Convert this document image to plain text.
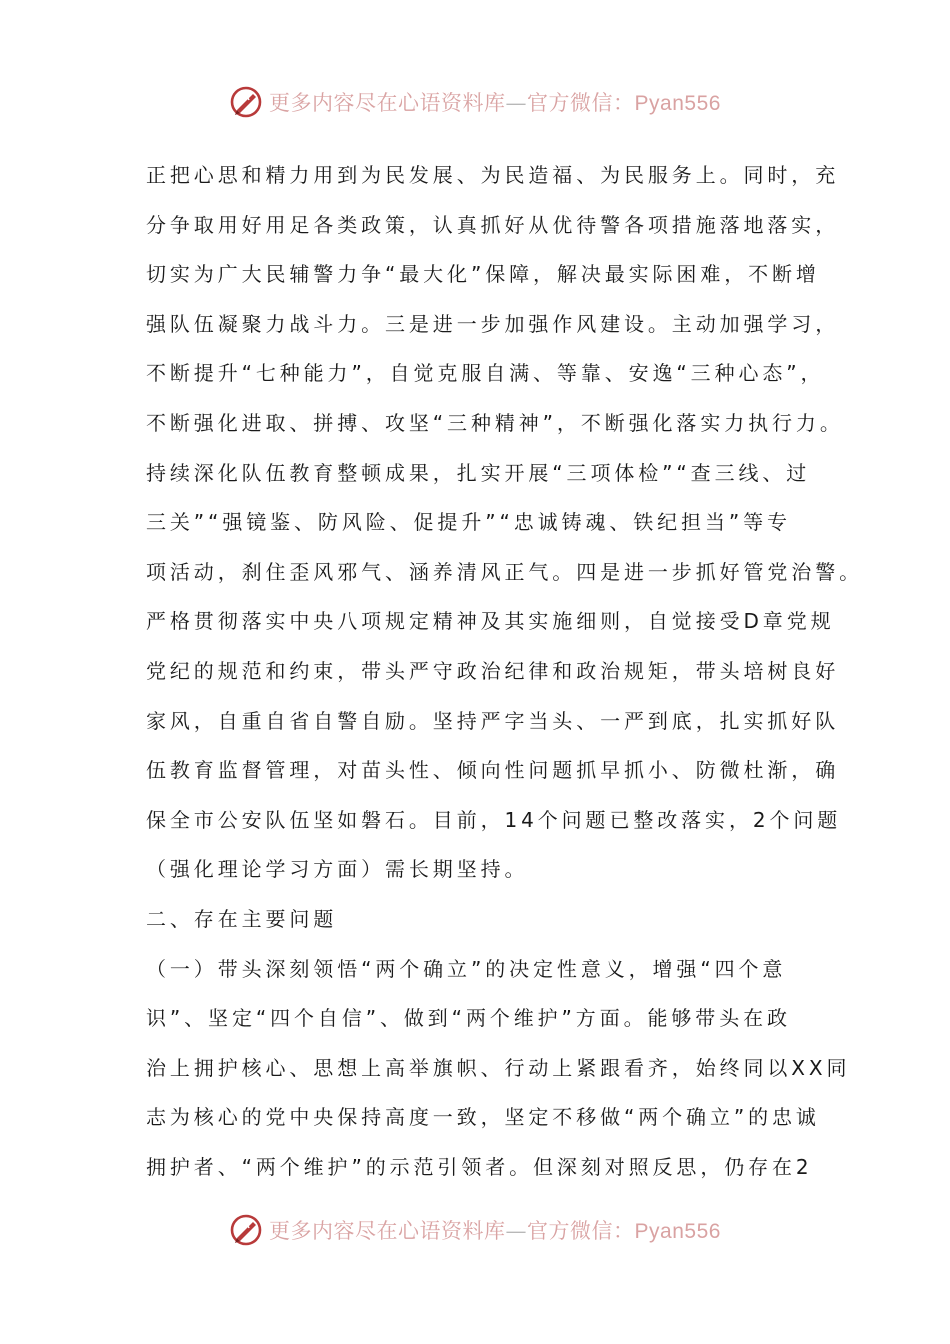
更多内容尽在心语资料库—官方微信：Pyan556
正把心思和精力用到为民发展、为民造福、为民服务上。同时，充
分争取用好用足各类政策，认真抓好从优待警各项措施落地落实，
切实为广大民辅警力争“最大化”保障，解决最实际困难，不断增
强队伍凝聚力战斗力。三是进一步加强作风建设。主动加强学习，
不断提升“七种能力”，自觉克服自满、等靠、安逸“三种心态”，
不断强化进取、拼搏、攻坚“三种精神”，不断强化落实力执行力。
持续深化队伍教育整顿成果，扎实开展“三项体检”“查三线、过
三关”“强镜鉴、防风险、促提升”“忠诚铸魂、铁纪担当”等专
项活动，刹住歪风邪气、涵养清风正气。四是进一步抓好管党治警。
严格贯彻落实中央八项规定精神及其实施细则，自觉接受D章党规
党纪的规范和约束，带头严守政治纪律和政治规矩，带头培树良好
家风，自重自省自警自励。坚持严字当头、一严到底，扎实抓好队
伍教育监督管理，对苗头性、倾向性问题抓早抓小、防微杜渐，确
保全市公安队伍坚如磐石。目前，14个问题已整改落实，2个问题
（强化理论学习方面）需长期坚持。
二、存在主要问题
（一）带头深刻领悟“两个确立”的决定性意义，增强“四个意
识”、坚定“四个自信”、做到“两个维护”方面。能够带头在政
治上拥护核心、思想上高举旗帜、行动上紧跟看齐，始终同以XX同
志为核心的党中央保持高度一致，坚定不移做“两个确立”的忠诚
拥护者、“两个维护”的示范引领者。但深刻对照反思，仍存在2
更多内容尽在心语资料库—官方微信：Pyan556
